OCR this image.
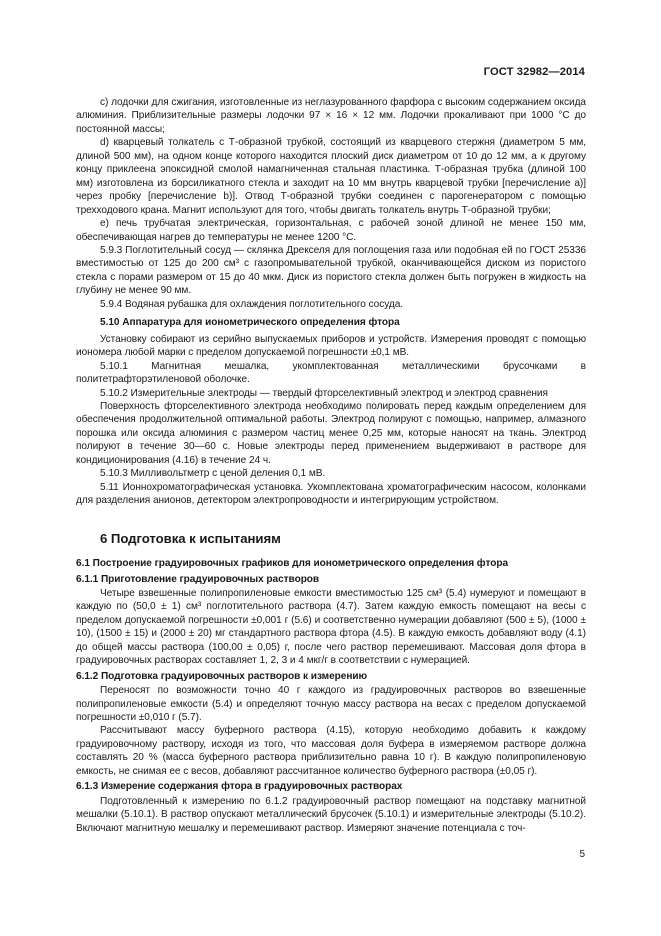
ГОСТ 32982—2014

c) лодочки для сжигания, изготовленные из неглазурованного фарфора с высоким содержанием оксида алюминия. Приблизительные размеры лодочки 97 × 16 × 12 мм. Лодочки прокаливают при 1000 °C до постоянной массы;

d) кварцевый толкатель с Т-образной трубкой, состоящий из кварцевого стержня (диаметром 5 мм, длиной 500 мм), на одном конце которого находится плоский диск диаметром от 10 до 12 мм, а к другому концу приклеена эпоксидной смолой намагниченная стальная пластинка. Т-образная трубка (длиной 100 мм) изготовлена из борсиликатного стекла и заходит на 10 мм внутрь кварцевой трубки [перечисление а)] через пробку [перечисление b)]. Отвод Т-образной трубки соединен с парогенератором с помощью трехходового крана. Магнит используют для того, чтобы двигать толкатель внутрь Т-образной трубки;

e) печь трубчатая электрическая, горизонтальная, с рабочей зоной длиной не менее 150 мм, обеспечивающая нагрев до температуры не менее 1200 °C.

5.9.3 Поглотительный сосуд — склянка Дрекселя для поглощения газа или подобная ей по ГОСТ 25336 вместимостью от 125 до 200 см³ с газопромывательной трубкой, оканчивающейся диском из пористого стекла с порами размером от 15 до 40 мкм. Диск из пористого стекла должен быть погружен в жидкость на глубину не менее 90 мм.

5.9.4 Водяная рубашка для охлаждения поглотительного сосуда.

5.10 Аппаратура для ионометрического определения фтора

Установку собирают из серийно выпускаемых приборов и устройств. Измерения проводят с помощью иономера любой марки с пределом допускаемой погрешности ±0,1 мВ.

5.10.1 Магнитная мешалка, укомплектованная металлическими брусочками в политетрафторэтиленовой оболочке.

5.10.2 Измерительные электроды — твердый фторселективный электрод и электрод сравнения

Поверхность фторселективного электрода необходимо полировать перед каждым определением для обеспечения продолжительной оптимальной работы. Электрод полируют с помощью, например, алмазного порошка или оксида алюминия с размером частиц менее 0,25 мм, которые наносят на ткань. Электрод полируют в течение 30—60 с. Новые электроды перед применением выдерживают в растворе для кондиционирования (4.16) в течение 24 ч.

5.10.3 Милливольтметр с ценой деления 0,1 мВ.

5.11 Ионнохроматографическая установка. Укомплектована хроматографическим насосом, колонками для разделения анионов, детектором электропроводности и интегрирующим устройством.

6 Подготовка к испытаниям

6.1 Построение градуировочных графиков для ионометрического определения фтора

6.1.1 Приготовление градуировочных растворов

Четыре взвешенные полипропиленовые емкости вместимостью 125 см³ (5.4) нумеруют и помещают в каждую по (50,0 ± 1) см³ поглотительного раствора (4.7). Затем каждую емкость помещают на весы с пределом допускаемой погрешности ±0,001 г (5.6) и соответственно нумерации добавляют (500 ± 5), (1000 ± 10), (1500 ± 15) и (2000 ± 20) мг стандартного раствора фтора (4.5). В каждую емкость добавляют воду (4.1) до общей массы раствора (100,00 ± 0,05) г, после чего раствор перемешивают. Массовая доля фтора в градуировочных растворах составляет 1, 2, 3 и 4 мкг/г в соответствии с нумерацией.

6.1.2 Подготовка градуировочных растворов к измерению

Переносят по возможности точно 40 г каждого из градуировочных растворов во взвешенные полипропиленовые емкости (5.4) и определяют точную массу раствора на весах с пределом допускаемой погрешности ±0,010 г (5.7).

Рассчитывают массу буферного раствора (4.15), которую необходимо добавить к каждому градуировочному раствору, исходя из того, что массовая доля буфера в измеряемом растворе должна составлять 20 % (масса буферного раствора приблизительно равна 10 г). В каждую полипропиленовую емкость, не снимая ее с весов, добавляют рассчитанное количество буферного раствора (±0,05 г).

6.1.3 Измерение содержания фтора в градуировочных растворах

Подготовленный к измерению по 6.1.2 градуировочный раствор помещают на подставку магнитной мешалки (5.10.1). В раствор опускают металлический брусочек (5.10.1) и измерительные электроды (5.10.2). Включают магнитную мешалку и перемешивают раствор. Измеряют значение потенциала с точ-

5
